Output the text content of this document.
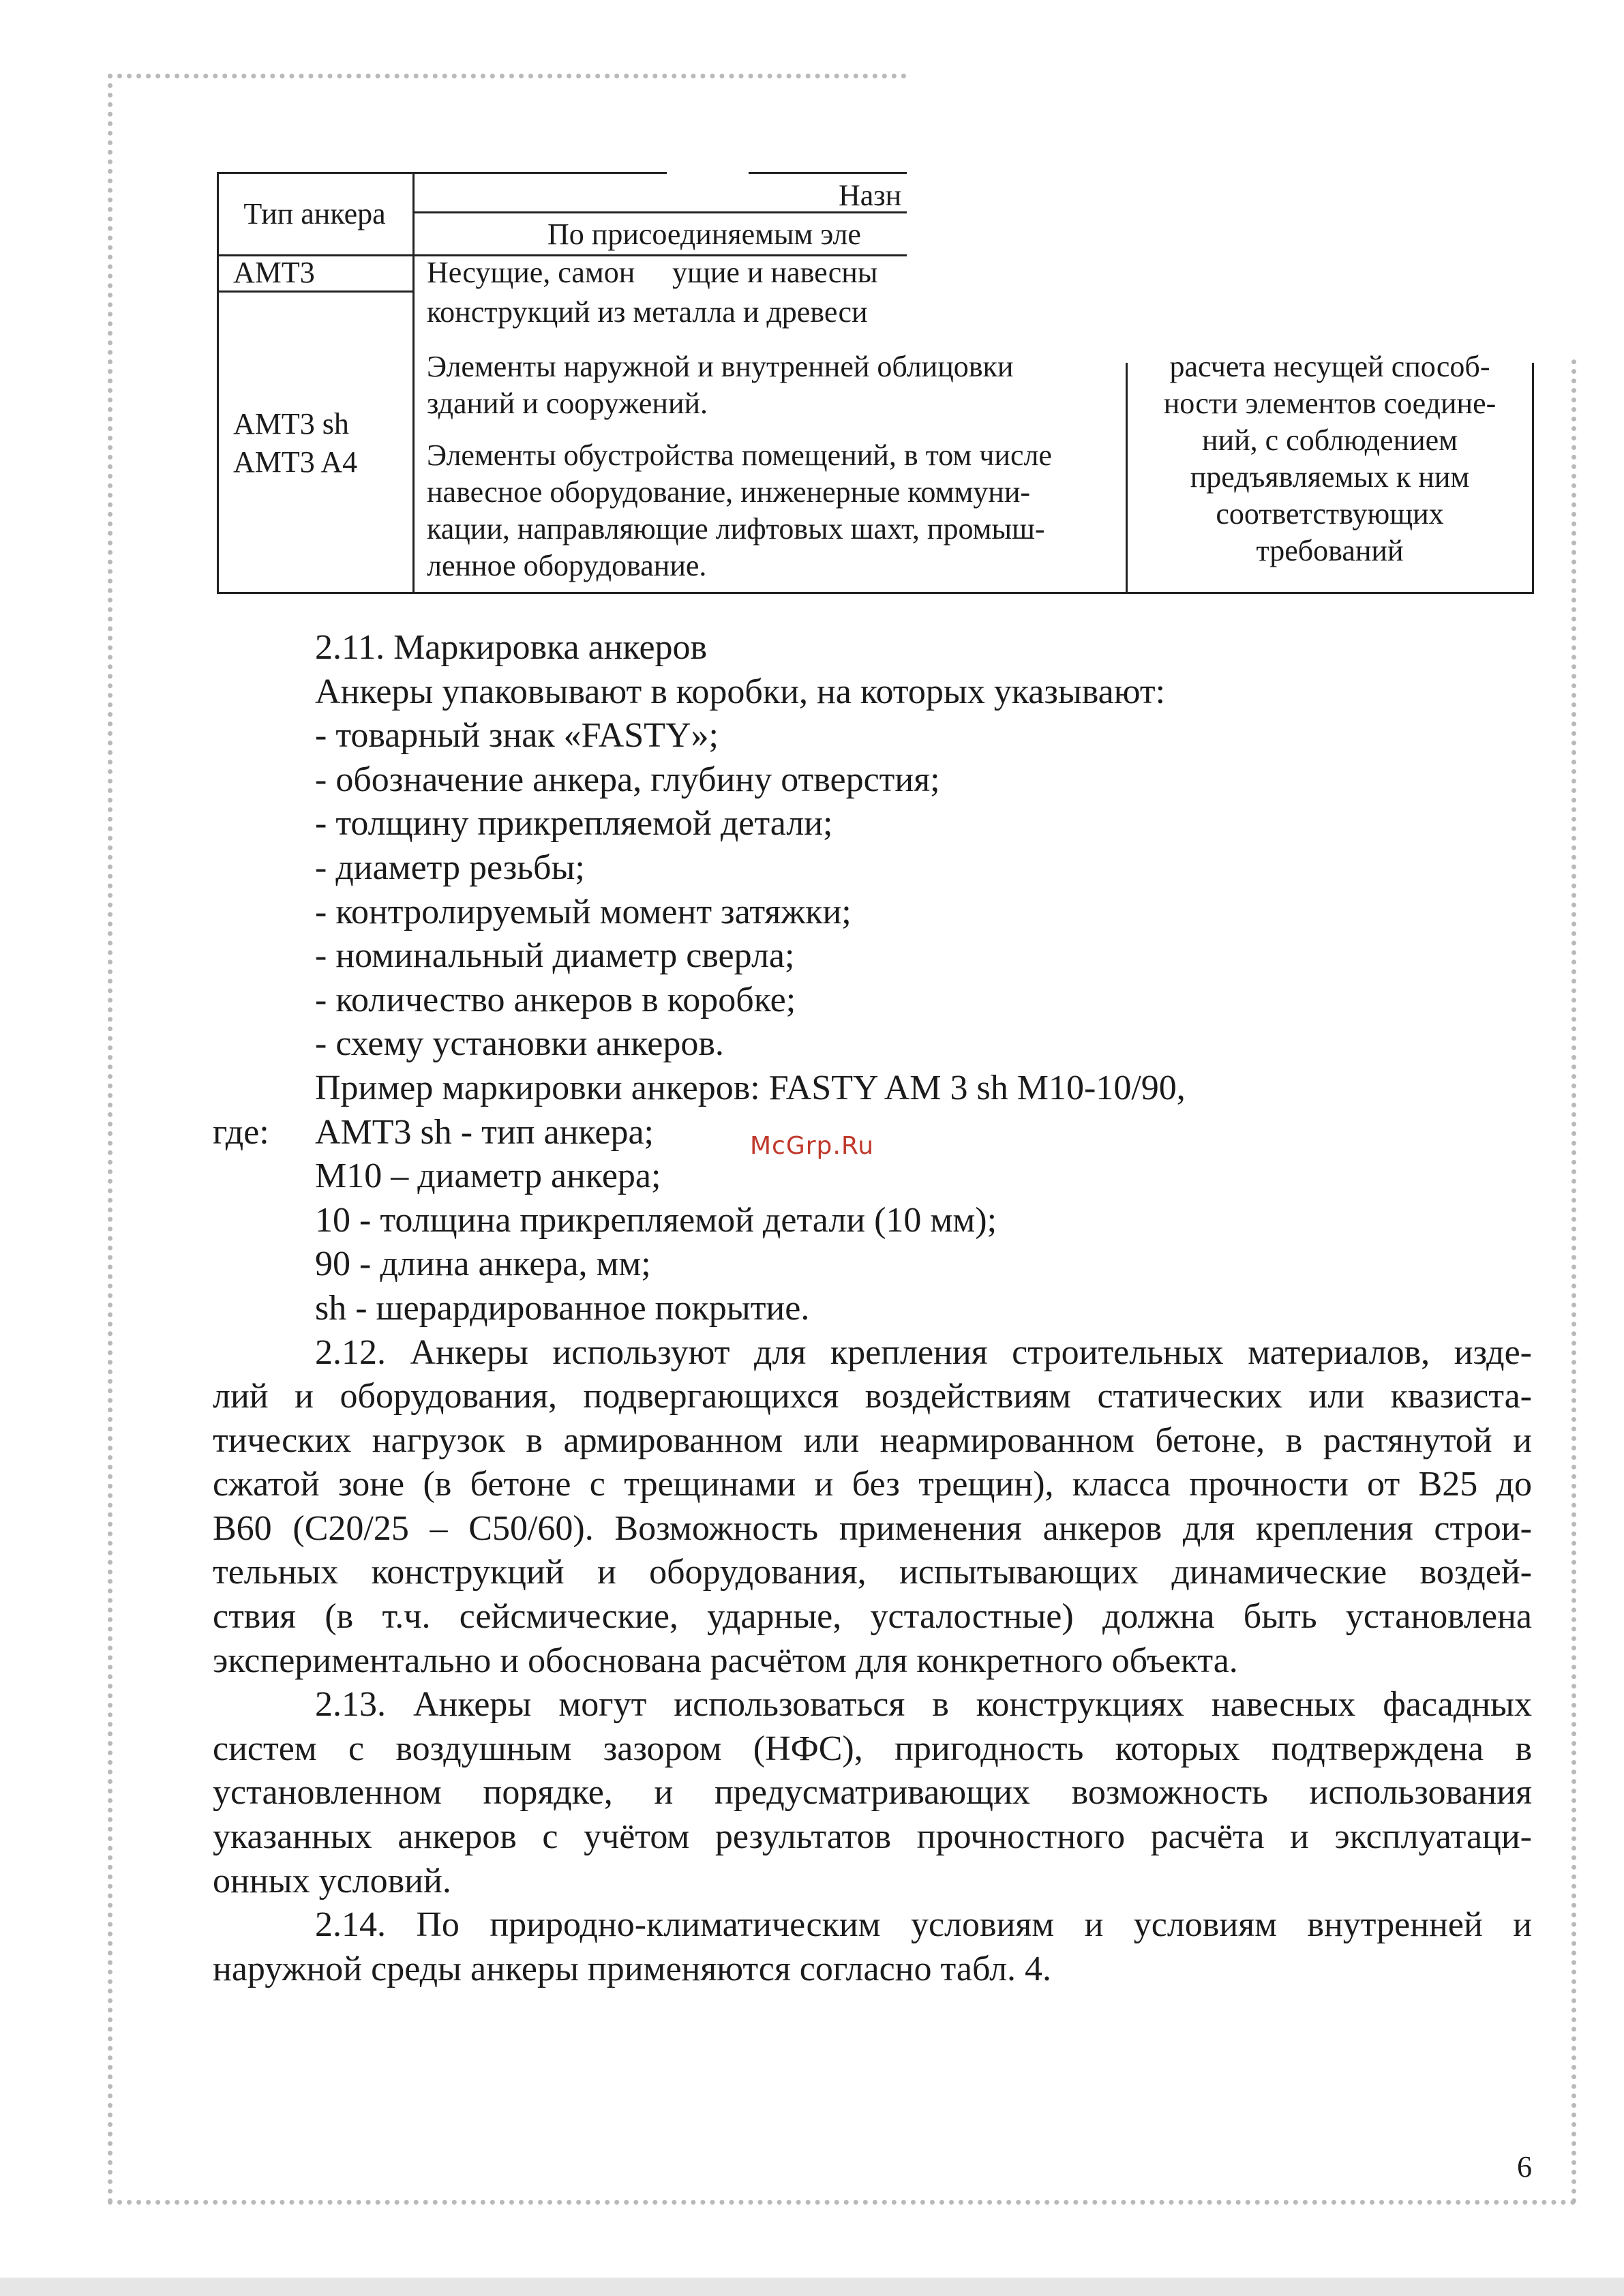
Тип анкера
Назн
По присоединяемым эле
АМТ3	Несущие, самон ущие и навесны
конструкций из металла и древеси
AMT3 sh
AMT3 A4
Элементы наружной и внутренней облицовки
зданий и сооружений.
Элементы обустройства помещений, в том числе
навесное оборудование, инженерные коммуни-
кации, направляющие лифтовых шахт, промыш-
ленное оборудование.
расчета несущей способ-
ности элементов соедине-
ний, с соблюдением
предъявляемых к ним
соответствующих
требований
2.11. Маркировка анкеров
Анкеры упаковывают в коробки, на которых указывают:
- товарный знак «FASTY»;
- обозначение анкера, глубину отверстия;
- толщину прикрепляемой детали;
- диаметр резьбы;
- контролируемый момент затяжки;
- номинальный диаметр сверла;
- количество анкеров в коробке;
- схему установки анкеров.
Пример маркировки анкеров: FASTY AM 3 sh M10-10/90,
где:	AMT3 sh - тип анкера;
M10 – диаметр анкера;
10 - толщина прикрепляемой детали (10 мм);
90 - длина анкера, мм;
sh - шерардированное покрытие.
2.12. Анкеры используют для крепления строительных материалов, изде-
лий и оборудования, подвергающихся воздействиям статических или квазиста-
тических нагрузок в армированном или неармированном бетоне, в растянутой и
сжатой зоне (в бетоне с трещинами и без трещин), класса прочности от B25 до
B60 (C20/25 – C50/60). Возможность применения анкеров для крепления строи-
тельных конструкций и оборудования, испытывающих динамические воздей-
ствия (в т.ч. сейсмические, ударные, усталостные) должна быть установлена
экспериментально и обоснована расчётом для конкретного объекта.
2.13. Анкеры могут использоваться в конструкциях навесных фасадных
систем с воздушным зазором (НФС), пригодность которых подтверждена в
установленном порядке, и предусматривающих возможность использования
указанных анкеров с учётом результатов прочностного расчёта и эксплуатаци-
онных условий.
2.14. По природно-климатическим условиям и условиям внутренней и
наружной среды анкеры применяются согласно табл. 4.
McGrp.Ru
6
